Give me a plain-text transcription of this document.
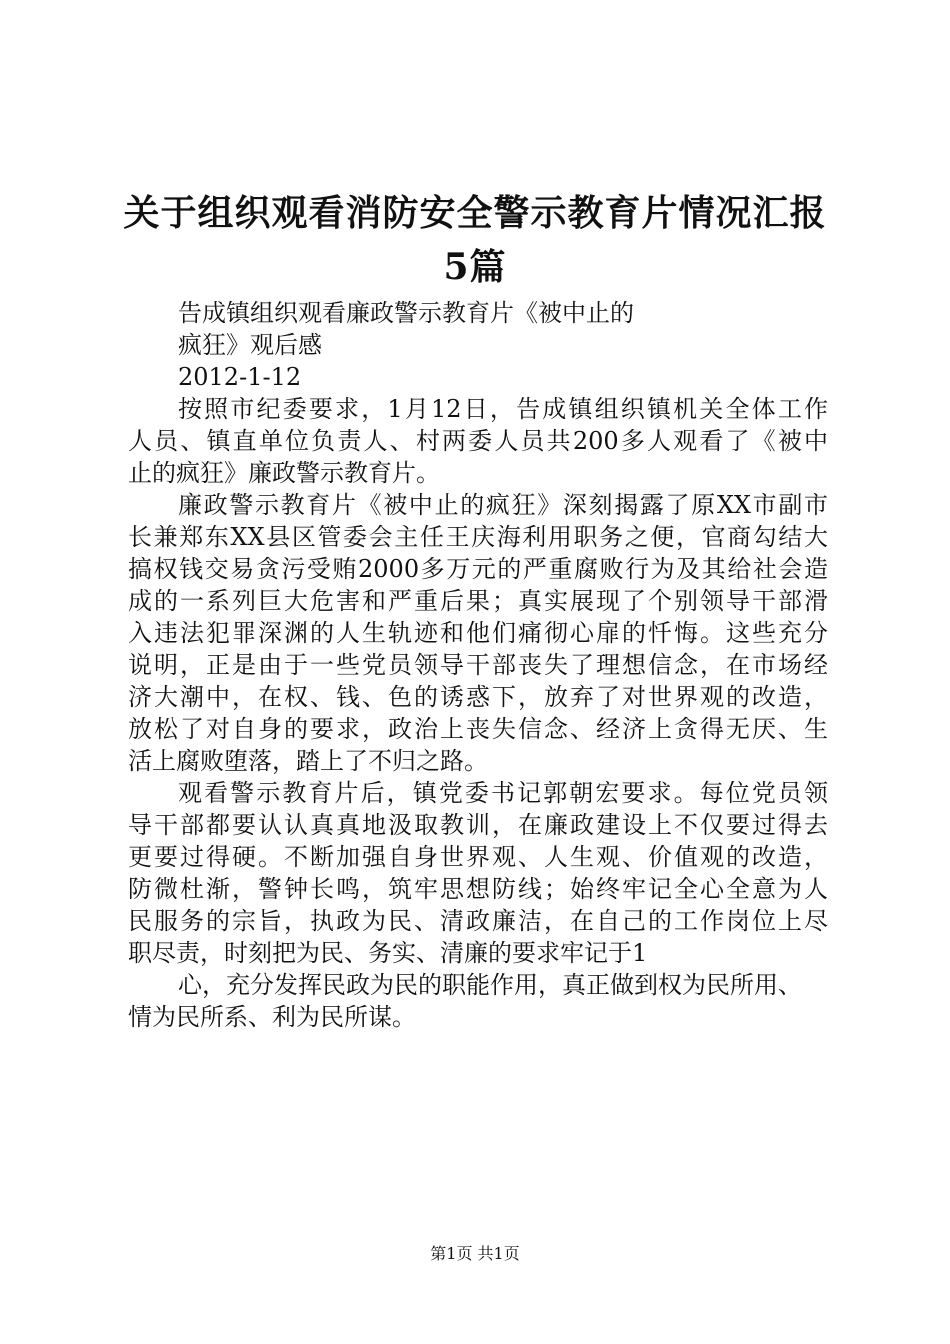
关于组织观看消防安全警示教育片情况汇报5篇
告成镇组织观看廉政警示教育片《被中止的
疯狂》观后感
2012-1-12
按照市纪委要求，1月12日，告成镇组织镇机关全体工作
人员、镇直单位负责人、村两委人员共200多人观看了《被中
止的疯狂》廉政警示教育片。
廉政警示教育片《被中止的疯狂》深刻揭露了原XX市副市
长兼郑东XX县区管委会主任王庆海利用职务之便，官商勾结大
搞权钱交易贪污受贿2000多万元的严重腐败行为及其给社会造
成的一系列巨大危害和严重后果；真实展现了个别领导干部滑
入违法犯罪深渊的人生轨迹和他们痛彻心扉的忏悔。这些充分
说明，正是由于一些党员领导干部丧失了理想信念，在市场经
济大潮中，在权、钱、色的诱惑下，放弃了对世界观的改造，
放松了对自身的要求，政治上丧失信念、经济上贪得无厌、生
活上腐败堕落，踏上了不归之路。
观看警示教育片后，镇党委书记郭朝宏要求。每位党员领
导干部都要认认真真地汲取教训，在廉政建设上不仅要过得去
更要过得硬。不断加强自身世界观、人生观、价值观的改造，
防微杜渐，警钟长鸣，筑牢思想防线；始终牢记全心全意为人
民服务的宗旨，执政为民、清政廉洁，在自己的工作岗位上尽
职尽责，时刻把为民、务实、清廉的要求牢记于1
心，充分发挥民政为民的职能作用，真正做到权为民所用、
情为民所系、利为民所谋。
第1页 共1页
